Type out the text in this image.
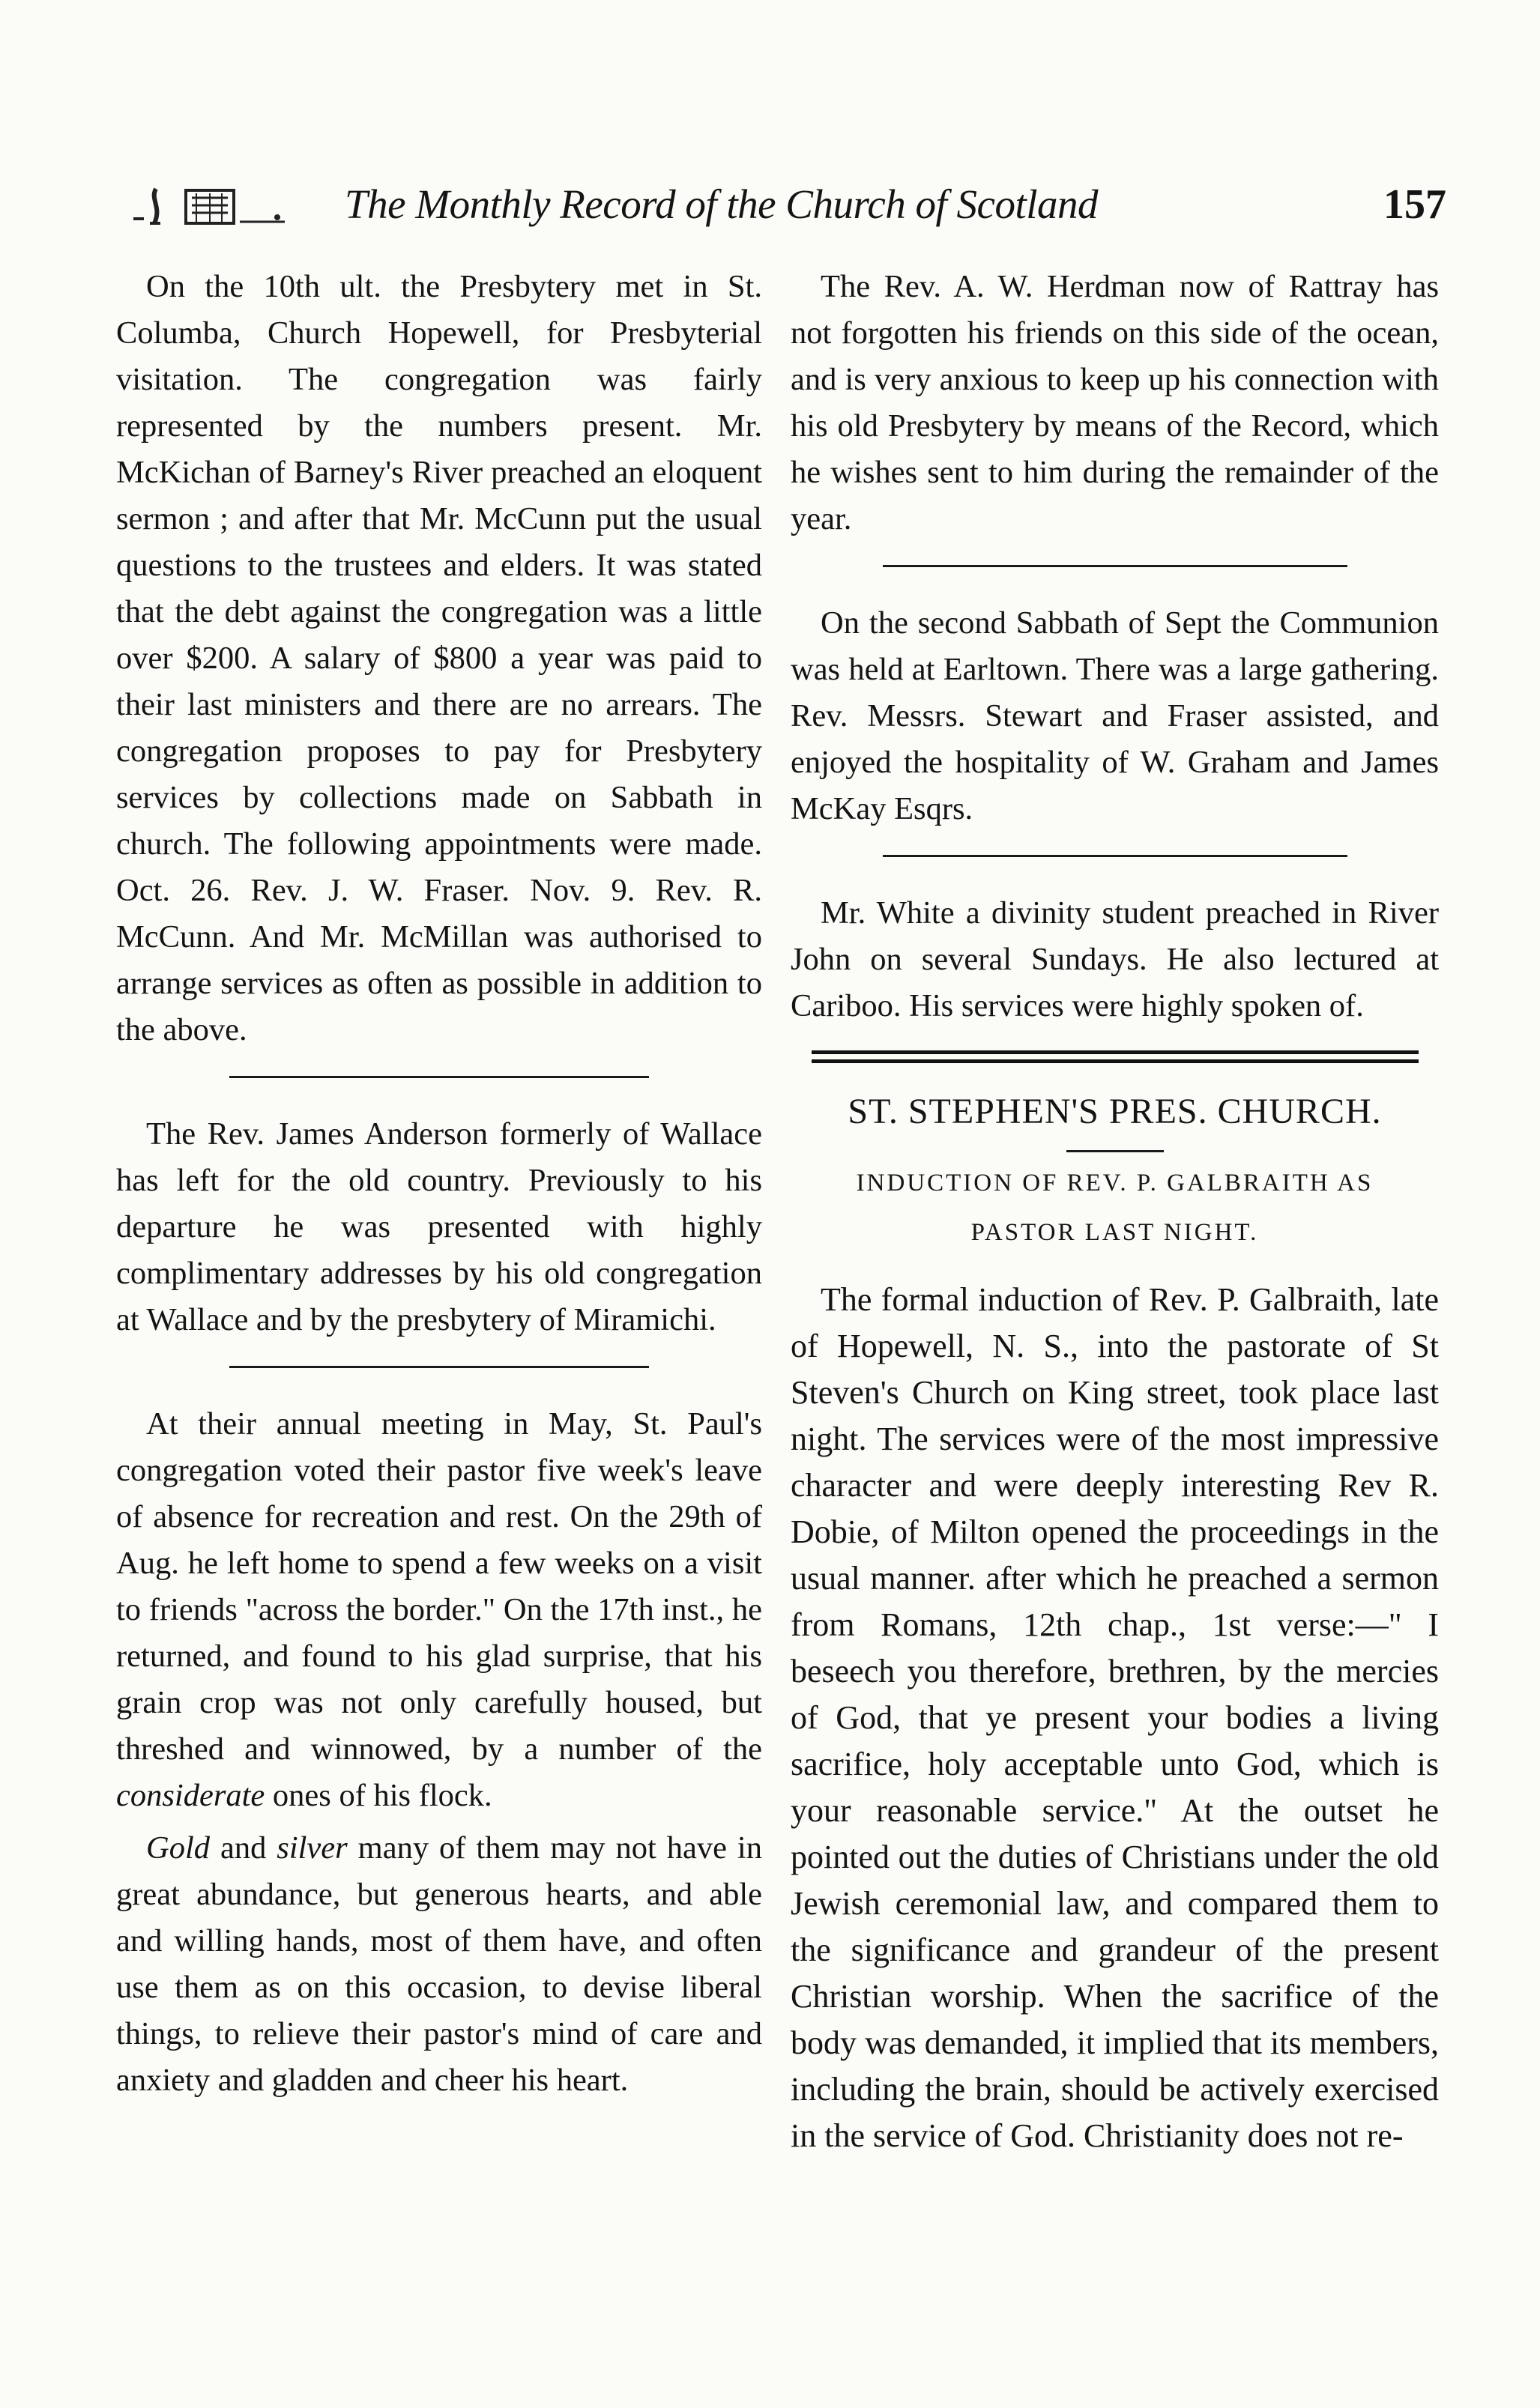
The Monthly Record of the Church of Scotland	157

On the 10th ult. the Presbytery met in St. Columba, Church Hopewell, for Presbyterial visitation. The congregation was fairly represented by the numbers present. Mr. McKichan of Barney's River preached an eloquent sermon ; and after that Mr. McCunn put the usual questions to the trustees and elders. It was stated that the debt against the congregation was a little over $200. A salary of $800 a year was paid to their last ministers and there are no arrears. The congregation proposes to pay for Presbytery services by collections made on Sabbath in church. The following appointments were made. Oct. 26. Rev. J. W. Fraser. Nov. 9. Rev. R. McCunn. And Mr. McMillan was authorised to arrange services as often as possible in addition to the above.

The Rev. James Anderson formerly of Wallace has left for the old country. Previously to his departure he was presented with highly complimentary addresses by his old congregation at Wallace and by the presbytery of Miramichi.

At their annual meeting in May, St. Paul's congregation voted their pastor five week's leave of absence for recreation and rest. On the 29th of Aug. he left home to spend a few weeks on a visit to friends "across the border." On the 17th inst., he returned, and found to his glad surprise, that his grain crop was not only carefully housed, but threshed and winnowed, by a number of the considerate ones of his flock.

Gold and silver many of them may not have in great abundance, but generous hearts, and able and willing hands, most of them have, and often use them as on this occasion, to devise liberal things, to relieve their pastor's mind of care and anxiety and gladden and cheer his heart.

The Rev. A. W. Herdman now of Rattray has not forgotten his friends on this side of the ocean, and is very anxious to keep up his connection with his old Presbytery by means of the Record, which he wishes sent to him during the remainder of the year.

On the second Sabbath of Sept the Communion was held at Earltown. There was a large gathering. Rev. Messrs. Stewart and Fraser assisted, and enjoyed the hospitality of W. Graham and James McKay Esqrs.

Mr. White a divinity student preached in River John on several Sundays. He also lectured at Cariboo. His services were highly spoken of.

ST. STEPHEN'S PRES. CHURCH.

INDUCTION OF REV. P. GALBRAITH AS

PASTOR LAST NIGHT.

The formal induction of Rev. P. Galbraith, late of Hopewell, N. S., into the pastorate of St Steven's Church on King street, took place last night. The services were of the most impressive character and were deeply interesting Rev R. Dobie, of Milton opened the proceedings in the usual manner. after which he preached a sermon from Romans, 12th chap., 1st verse:—" I beseech you therefore, brethren, by the mercies of God, that ye present your bodies a living sacrifice, holy acceptable unto God, which is your reasonable service." At the outset he pointed out the duties of Christians under the old Jewish ceremonial law, and compared them to the significance and grandeur of the present Christian worship. When the sacrifice of the body was demanded, it implied that its members, including the brain, should be actively exercised in the service of God. Christianity does not re-
